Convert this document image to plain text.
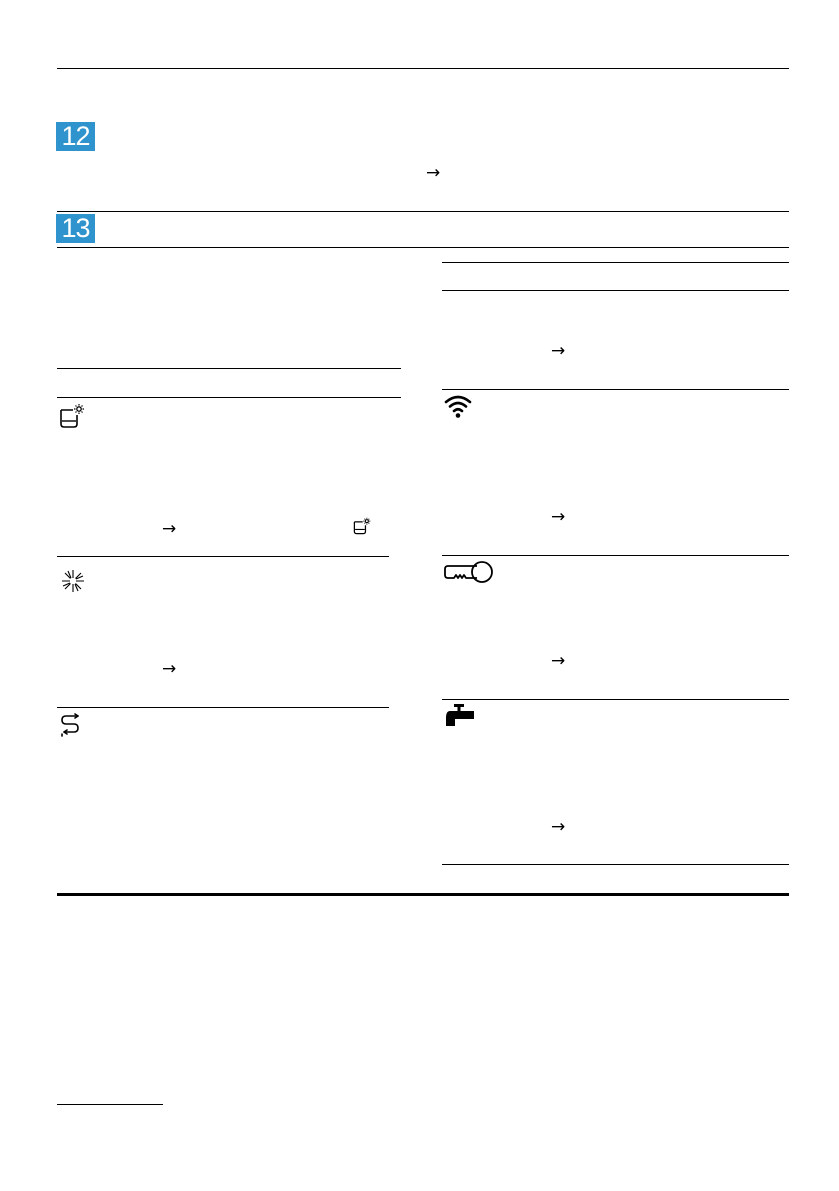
12
→
13
→
→
→
→
→
→
